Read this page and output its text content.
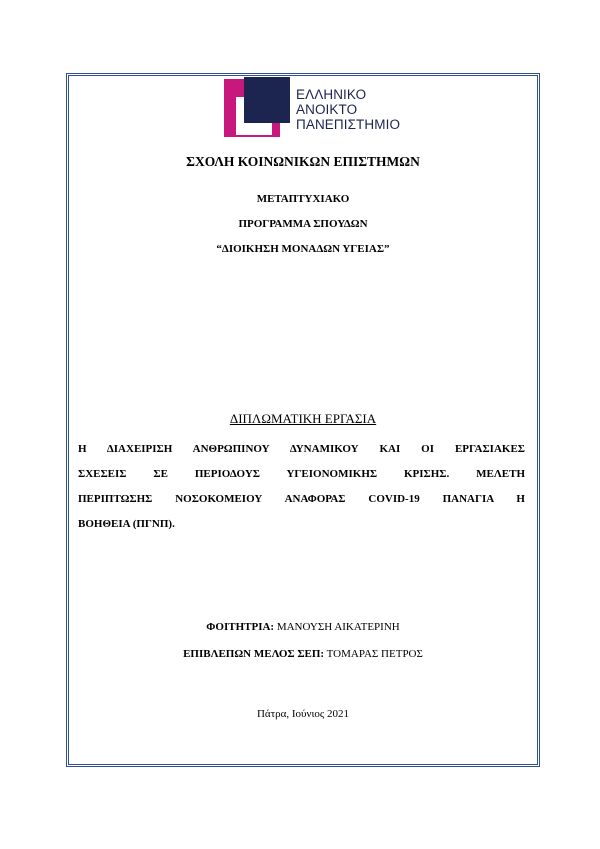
ΕΛΛΗΝΙΚΟ
ΑΝΟΙΚΤΟ
ΠΑΝΕΠΙΣΤΗΜΙΟ
ΣΧΟΛΗ ΚΟΙΝΩΝΙΚΩΝ ΕΠΙΣΤΗΜΩΝ
ΜΕΤΑΠΤΥΧΙΑΚΟ
ΠΡΟΓΡΑΜΜΑ ΣΠΟΥΔΩΝ
“ΔΙΟΙΚΗΣΗ ΜΟΝΑΔΩΝ ΥΓΕΙΑΣ”
ΔΙΠΛΩΜΑΤΙΚΗ ΕΡΓΑΣΙΑ
Η ΔΙΑΧΕΙΡΙΣΗ ΑΝΘΡΩΠΙΝΟΥ ΔΥΝΑΜΙΚΟΥ ΚΑΙ ΟΙ ΕΡΓΑΣΙΑΚΕΣ
ΣΧΕΣΕΙΣ ΣΕ ΠΕΡΙΟΔΟΥΣ ΥΓΕΙΟΝΟΜΙΚΗΣ ΚΡΙΣΗΣ. ΜΕΛΕΤΗ
ΠΕΡΙΠΤΩΣΗΣ ΝΟΣΟΚΟΜΕΙΟΥ ΑΝΑΦΟΡΑΣ COVID-19 ΠΑΝΑΓΙΑ Η
ΒΟΗΘΕΙΑ (ΠΓΝΠ).
ΦΟΙΤΗΤΡΙΑ: ΜΑΝΟΥΣΗ ΑΙΚΑΤΕΡΙΝΗ
ΕΠΙΒΛΕΠΩΝ ΜΕΛΟΣ ΣΕΠ: ΤΟΜΑΡΑΣ ΠΕΤΡΟΣ
Πάτρα, Ιούνιος 2021
